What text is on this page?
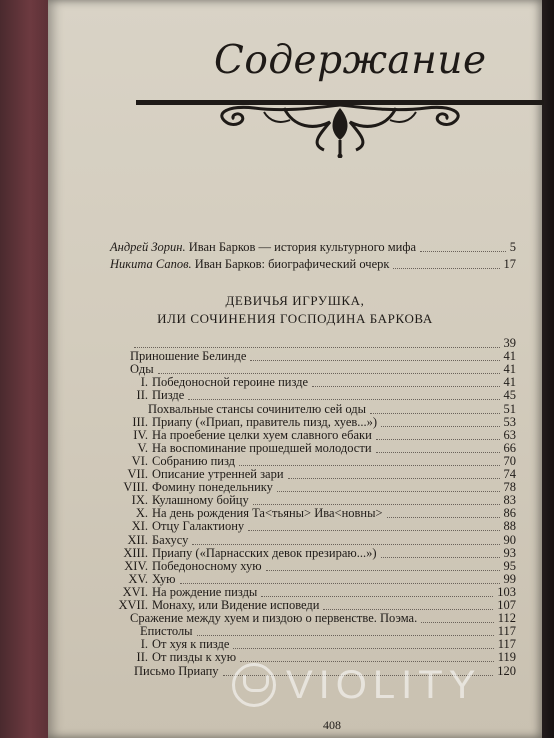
Содержание
Андрей Зорин. Иван Барков — история культурного мифа	5
Никита Сапов. Иван Барков: биографический очерк	17
ДЕВИЧЬЯ ИГРУШКА,
ИЛИ СОЧИНЕНИЯ ГОСПОДИНА БАРКОВА
39
Приношение Белинде	41
Оды	41
I. Победоносной героине пизде	41
II. Пизде	45
Похвальные стансы сочинителю сей оды	51
III. Приапу («Приап, правитель пизд, хуев...»)	53
IV. На проебение целки хуем славного ебаки	63
V. На воспоминание прошедшей молодости	66
VI. Собранию пизд	70
VII. Описание утренней зари	74
VIII. Фомину понедельнику	78
IX. Кулашному бойцу	83
X. На день рождения Та<тьяны> Ива<новны>	86
XI. Отцу Галактиону	88
XII. Бахусу	90
XIII. Приапу («Парнасских девок презираю...»)	93
XIV. Победоносному хую	95
XV. Хую	99
XVI. На рождение пизды	103
XVII. Монаху, или Видение исповеди	107
Сражение между хуем и пиздою о первенстве. Поэма.	112
Епистолы	117
I. От хуя к пизде	117
II. От пизды к хую	119
Письмо Приапу	120
408
VIOLITY
